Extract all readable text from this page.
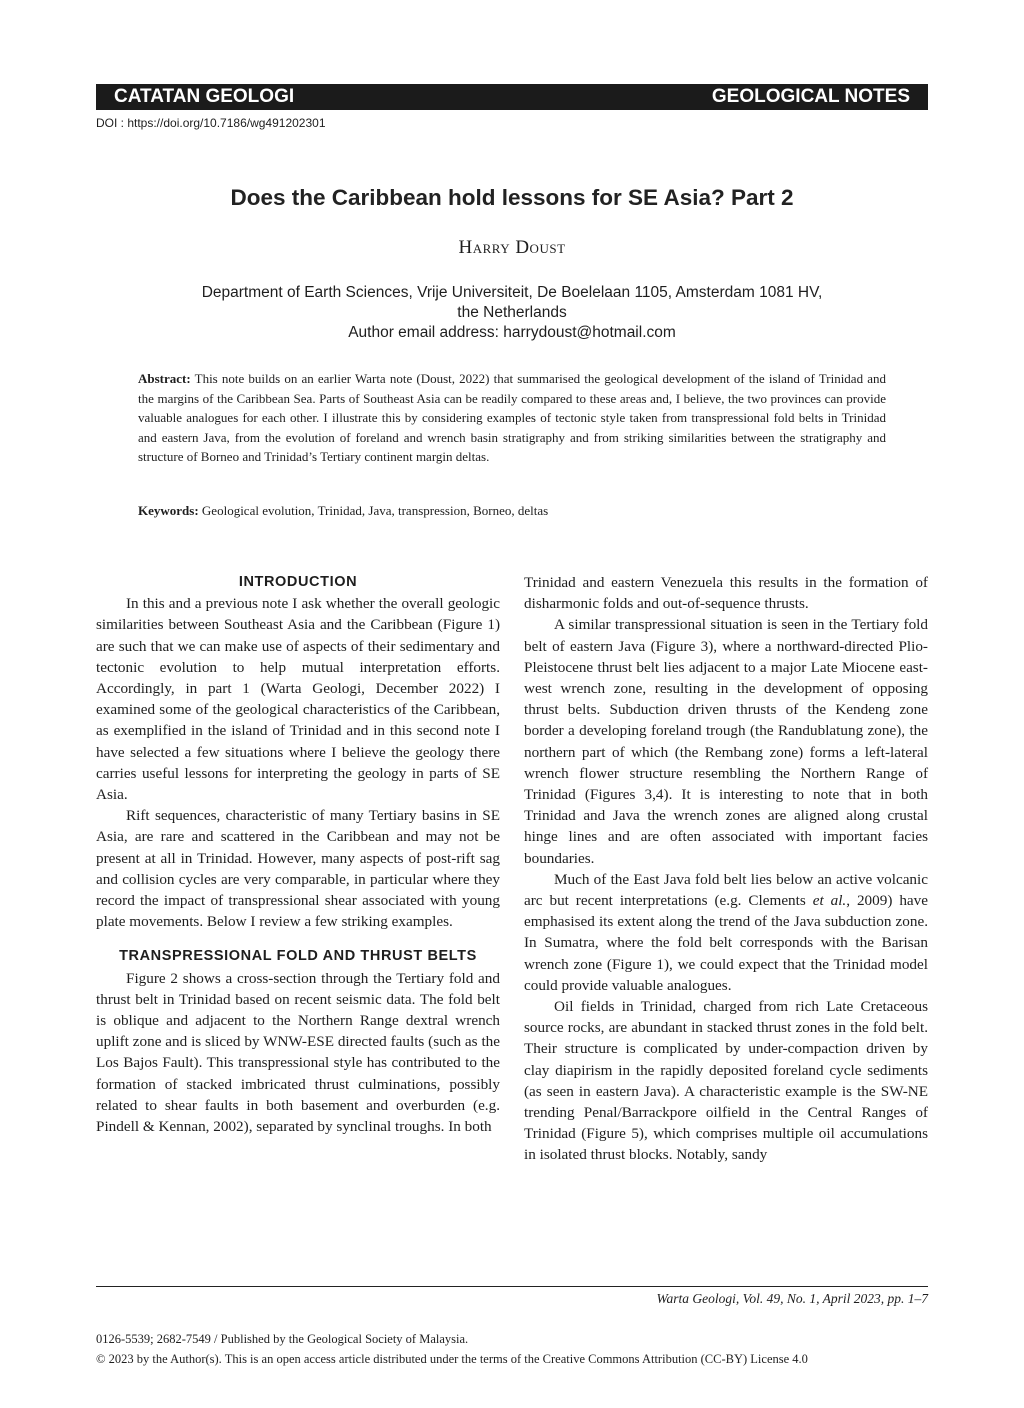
CATATAN GEOLOGI	GEOLOGICAL NOTES
DOI : https://doi.org/10.7186/wg491202301
Does the Caribbean hold lessons for SE Asia? Part 2
Harry Doust
Department of Earth Sciences, Vrije Universiteit, De Boelelaan 1105, Amsterdam 1081 HV,
the Netherlands
Author email address: harrydoust@hotmail.com

Abstract: This note builds on an earlier Warta note (Doust, 2022) that summarised the geological development of the island of Trinidad and the margins of the Caribbean Sea. Parts of Southeast Asia can be readily compared to these areas and, I believe, the two provinces can provide valuable analogues for each other. I illustrate this by considering examples of tectonic style taken from transpressional fold belts in Trinidad and eastern Java, from the evolution of foreland and wrench basin stratigraphy and from striking similarities between the stratigraphy and structure of Borneo and Trinidad’s Tertiary continent margin deltas.

Keywords: Geological evolution, Trinidad, Java, transpression, Borneo, deltas

INTRODUCTION

In this and a previous note I ask whether the overall geologic similarities between Southeast Asia and the Caribbean (Figure 1) are such that we can make use of aspects of their sedimentary and tectonic evolution to help mutual interpretation efforts. Accordingly, in part 1 (Warta Geologi, December 2022) I examined some of the geological characteristics of the Caribbean, as exemplified in the island of Trinidad and in this second note I have selected a few situations where I believe the geology there carries useful lessons for interpreting the geology in parts of SE Asia.

Rift sequences, characteristic of many Tertiary basins in SE Asia, are rare and scattered in the Caribbean and may not be present at all in Trinidad. However, many aspects of post-rift sag and collision cycles are very comparable, in particular where they record the impact of transpressional shear associated with young plate movements. Below I review a few striking examples.

TRANSPRESSIONAL FOLD AND THRUST BELTS

Figure 2 shows a cross-section through the Tertiary fold and thrust belt in Trinidad based on recent seismic data. The fold belt is oblique and adjacent to the Northern Range dextral wrench uplift zone and is sliced by WNW-ESE directed faults (such as the Los Bajos Fault). This transpressional style has contributed to the formation of stacked imbricated thrust culminations, possibly related to shear faults in both basement and overburden (e.g. Pindell & Kennan, 2002), separated by synclinal troughs. In both

Trinidad and eastern Venezuela this results in the formation of disharmonic folds and out-of-sequence thrusts.

A similar transpressional situation is seen in the Tertiary fold belt of eastern Java (Figure 3), where a northward-directed Plio-Pleistocene thrust belt lies adjacent to a major Late Miocene east-west wrench zone, resulting in the development of opposing thrust belts. Subduction driven thrusts of the Kendeng zone border a developing foreland trough (the Randublatung zone), the northern part of which (the Rembang zone) forms a left-lateral wrench flower structure resembling the Northern Range of Trinidad (Figures 3,4). It is interesting to note that in both Trinidad and Java the wrench zones are aligned along crustal hinge lines and are often associated with important facies boundaries.

Much of the East Java fold belt lies below an active volcanic arc but recent interpretations (e.g. Clements et al., 2009) have emphasised its extent along the trend of the Java subduction zone. In Sumatra, where the fold belt corresponds with the Barisan wrench zone (Figure 1), we could expect that the Trinidad model could provide valuable analogues.

Oil fields in Trinidad, charged from rich Late Cretaceous source rocks, are abundant in stacked thrust zones in the fold belt. Their structure is complicated by under-compaction driven by clay diapirism in the rapidly deposited foreland cycle sediments (as seen in eastern Java). A characteristic example is the SW-NE trending Penal/Barrackpore oilfield in the Central Ranges of Trinidad (Figure 5), which comprises multiple oil accumulations in isolated thrust blocks. Notably, sandy

Warta Geologi, Vol. 49, No. 1, April 2023, pp. 1–7
0126-5539; 2682-7549 / Published by the Geological Society of Malaysia.
© 2023 by the Author(s). This is an open access article distributed under the terms of the Creative Commons Attribution (CC-BY) License 4.0
